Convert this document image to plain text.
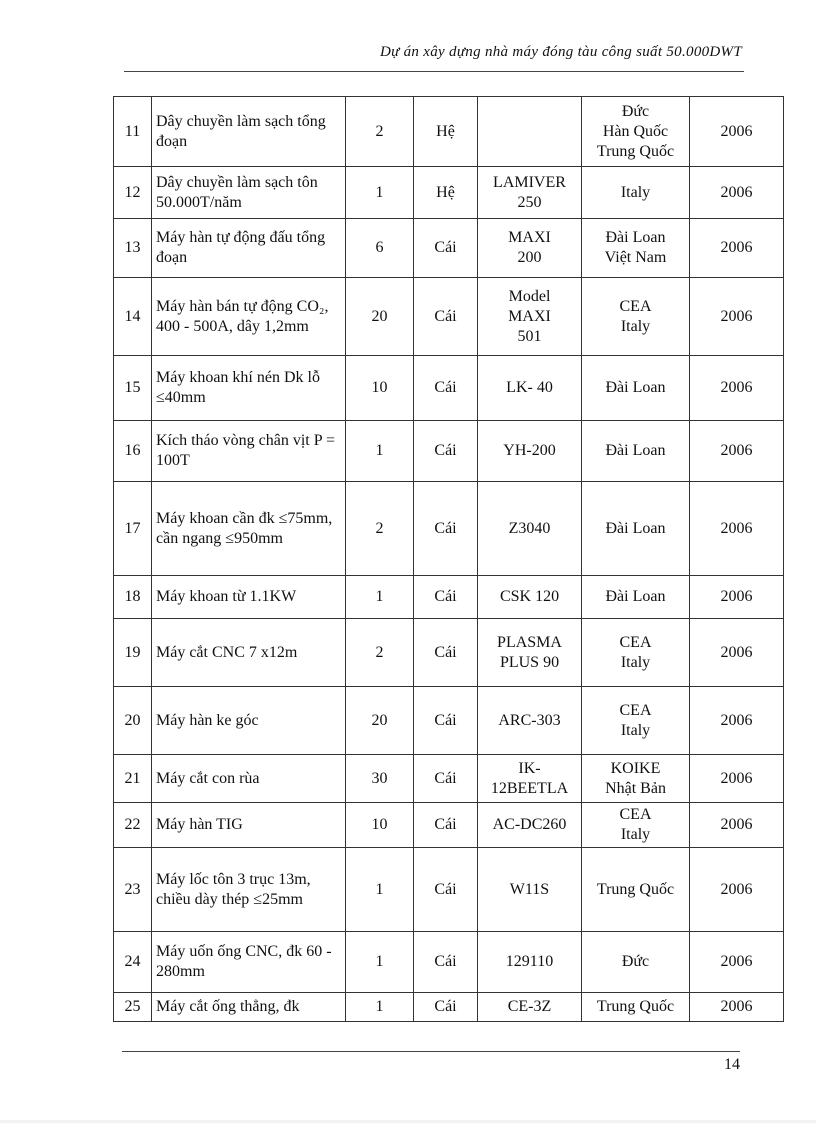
Dự án xây dựng nhà máy đóng tàu công suất 50.000DWT
11	Dây chuyền làm sạch tổng đoạn	2	Hệ		Đức
Hàn Quốc
Trung Quốc	2006
12	Dây chuyền làm sạch tôn 50.000T/năm	1	Hệ	LAMIVER
250	Italy	2006
13	Máy hàn tự động đấu tổng đoạn	6	Cái	MAXI
200	Đài Loan
Việt Nam	2006
14	Máy hàn bán tự động CO₂, 400 - 500A, dây 1,2mm	20	Cái	Model
MAXI
501	CEA
Italy	2006
15	Máy khoan khí nén Dk lỗ ≤40mm	10	Cái	LK- 40	Đài Loan	2006
16	Kích tháo vòng chân vịt P = 100T	1	Cái	YH-200	Đài Loan	2006
17	Máy khoan cần đk ≤75mm, cần ngang ≤950mm	2	Cái	Z3040	Đài Loan	2006
18	Máy khoan từ 1.1KW	1	Cái	CSK 120	Đài Loan	2006
19	Máy cắt CNC 7 x12m	2	Cái	PLASMA
PLUS 90	CEA
Italy	2006
20	Máy hàn ke góc	20	Cái	ARC-303	CEA
Italy	2006
21	Máy cắt con rùa	30	Cái	IK-
12BEETLA	KOIKE
Nhật Bản	2006
22	Máy hàn TIG	10	Cái	AC-DC260	CEA
Italy	2006
23	Máy lốc tôn 3 trục 13m, chiều dày thép ≤25mm	1	Cái	W11S	Trung Quốc	2006
24	Máy uốn ống CNC, đk 60 - 280mm	1	Cái	129110	Đức	2006
25	Máy cắt ống thẳng, đk	1	Cái	CE-3Z	Trung Quốc	2006
14
